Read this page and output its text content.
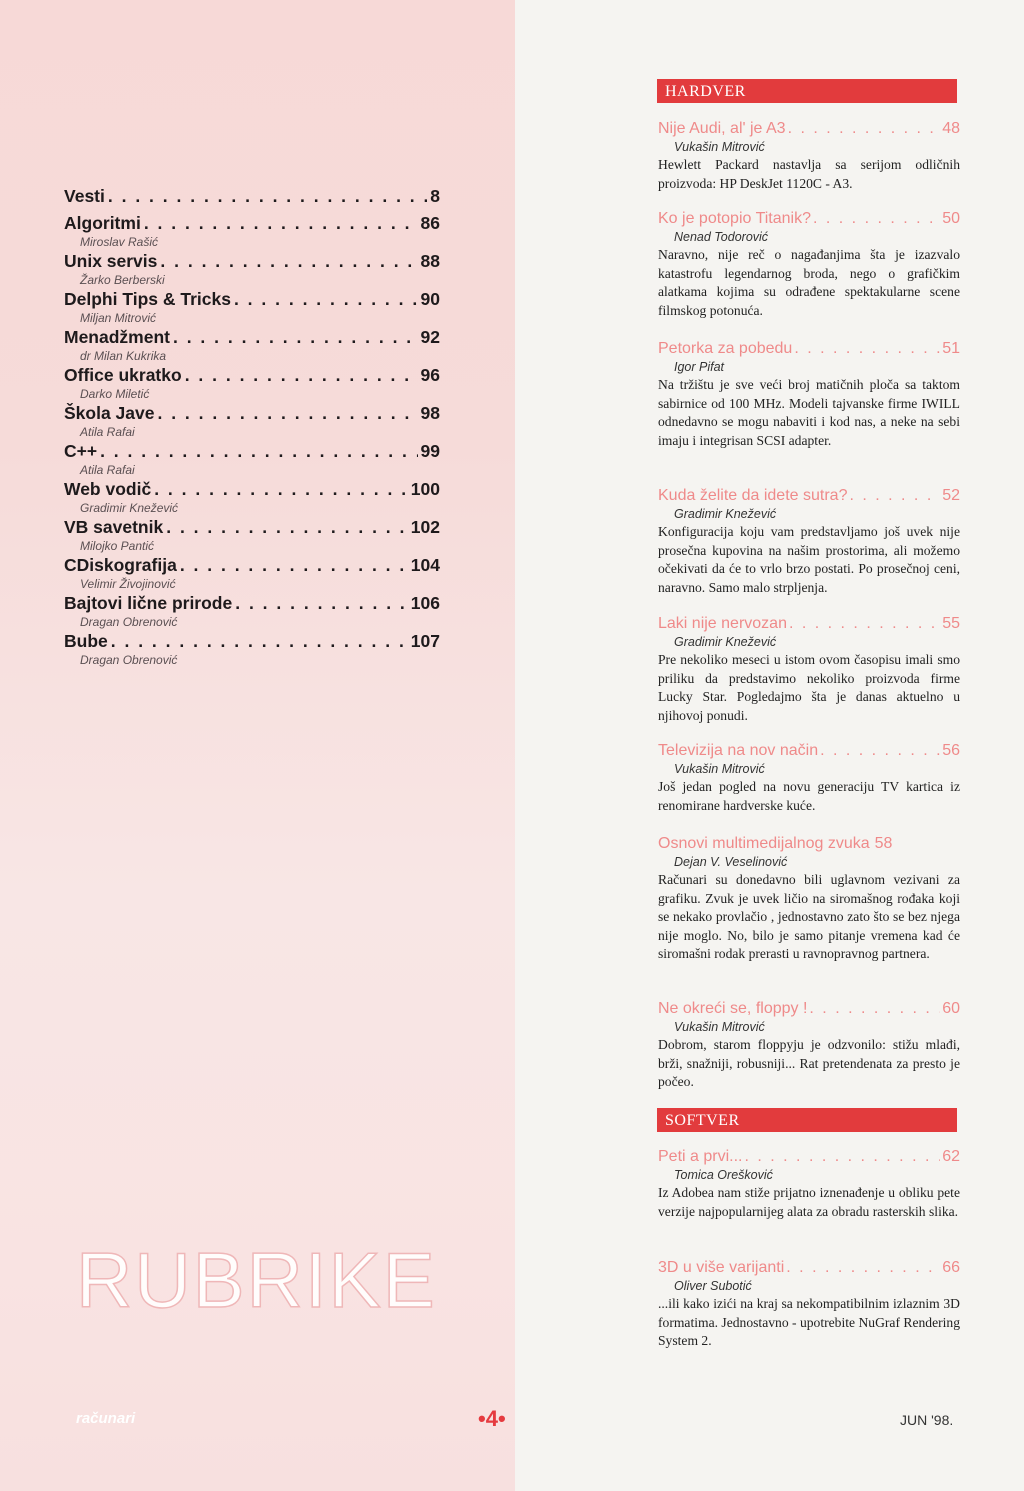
Vesti . . .	8
Algoritmi . . .	86
Miroslav Rašić
Unix servis . . .	88
Žarko Berberski
Delphi Tips & Tricks . . .	90
Miljan Mitrović
Menadžment . . .	92
dr Milan Kukrika
Office ukratko . . .	96
Darko Miletić
Škola Jave . . .	98
Atila Rafai
C++ . . .	99
Atila Rafai
Web vodič . . .	100
Gradimir Knežević
VB savetnik . . .	102
Milojko Pantić
CDiskografija . . .	104
Velimir Živojinović
Bajtovi lične prirode . . .	106
Dragan Obrenović
Bube . . .	107
Dragan Obrenović
RUBRIKE
računari
HARDVER
Nije Audi, al' je A3 . . .	48
Vukašin Mitrović
Hewlett Packard nastavlja sa serijom odličnih proizvoda: HP DeskJet 1120C - A3.
Ko je potopio Titanik? . . .	50
Nenad Todorović
Naravno, nije reč o nagađanjima šta je izazvalo katastrofu legendarnog broda, nego o grafičkim alatkama kojima su odrađene spektakularne scene filmskog potonuća.
Petorka za pobedu . . .	51
Igor Pifat
Na tržištu je sve veći broj matičnih ploča sa taktom sabirnice od 100 MHz. Modeli tajvanske firme IWILL odnedavno se mogu nabaviti i kod nas, a neke na sebi imaju i integrisan SCSI adapter.
Kuda želite da idete sutra? . . .	52
Gradimir Knežević
Konfiguracija koju vam predstavljamo još uvek nije prosečna kupovina na našim prostorima, ali možemo očekivati da će to vrlo brzo postati. Po prosečnoj ceni, naravno. Samo malo strpljenja.
Laki nije nervozan . . .	55
Gradimir Knežević
Pre nekoliko meseci u istom ovom časopisu imali smo priliku da predstavimo nekoliko proizvoda firme Lucky Star. Pogledajmo šta je danas aktuelno u njihovoj ponudi.
Televizija na nov način . . .	56
Vukašin Mitrović
Još jedan pogled na novu generaciju TV kartica iz renomirane hardverske kuće.
Osnovi multimedijalnog zvuka 58
Dejan V. Veselinović
Računari su donedavno bili uglavnom vezivani za grafiku. Zvuk je uvek ličio na siromašnog rođaka koji se nekako provlačio , jednostavno zato što se bez njega nije moglo. No, bilo je samo pitanje vremena kad će siromašni rodak prerasti u ravnopravnog partnera.
Ne okreći se, floppy ! . . .	60
Vukašin Mitrović
Dobrom, starom floppyju je odzvonilo: stižu mlađi, brži, snažniji, robusniji... Rat pretendenata za presto je počeo.
SOFTVER
Peti a prvi... . . .	62
Tomica Orešković
Iz Adobea nam stiže prijatno iznenađenje u obliku pete verzije najpopularnijeg alata za obradu rasterskih slika.
3D u više varijanti . . .	66
Oliver Subotić
...ili kako izići na kraj sa nekompatibilnim izlaznim 3D formatima. Jednostavno - upotrebite NuGraf Rendering System 2.
•4•	JUN '98.
